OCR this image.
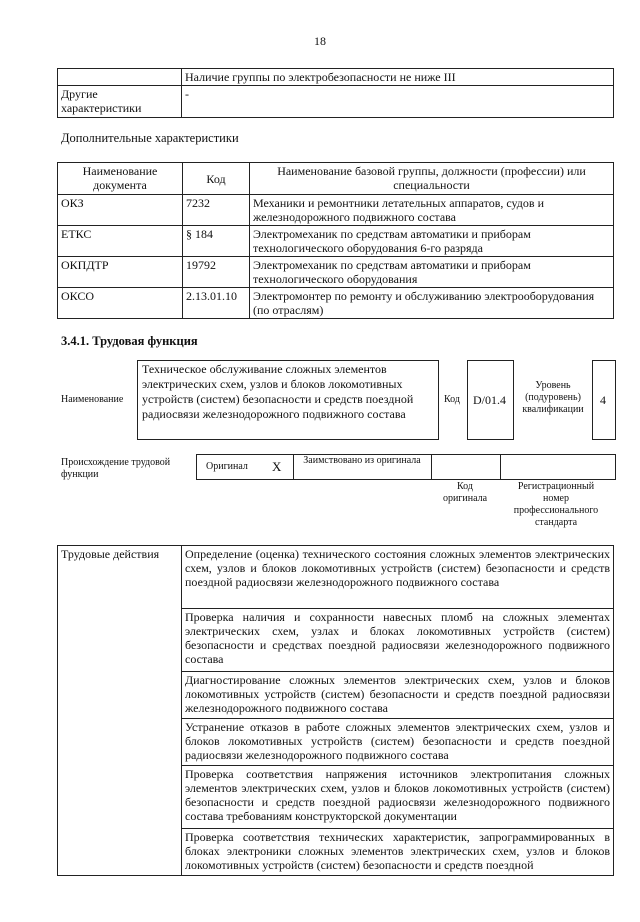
18
	Наличие группы по электробезопасности не ниже III
Другие характеристики	-
Дополнительные характеристики
Наименование документа	Код	Наименование базовой группы, должности (профессии) или специальности
ОКЗ	7232	Механики и ремонтники летательных аппаратов, судов и железнодорожного подвижного состава
ЕТКС	§ 184	Электромеханик по средствам автоматики и приборам технологического оборудования 6-го разряда
ОКПДТР	19792	Электромеханик по средствам автоматики и приборам технологического оборудования
ОКСО	2.13.01.10	Электромонтер по ремонту и обслуживанию электрооборудования (по отраслям)
3.4.1. Трудовая функция
Наименование
Техническое обслуживание сложных элементов электрических схем, узлов и блоков локомотивных устройств (систем) безопасности и средств поездной радиосвязи железнодорожного подвижного состава
Код	D/01.4
Уровень (подуровень) квалификации
4
Происхождение трудовой функции
Оригинал X	Заимствовано из оригинала
Код оригинала
Регистрационный номер профессионального стандарта
Трудовые действия	Определение (оценка) технического состояния сложных элементов электрических схем, узлов и блоков локомотивных устройств (систем) безопасности и средств поездной радиосвязи железнодорожного подвижного состава
Проверка наличия и сохранности навесных пломб на сложных элементах электрических схем, узлах и блоках локомотивных устройств (систем) безопасности и средствах поездной радиосвязи железнодорожного подвижного состава
Диагностирование сложных элементов электрических схем, узлов и блоков локомотивных устройств (систем) безопасности и средств поездной радиосвязи железнодорожного подвижного состава
Устранение отказов в работе сложных элементов электрических схем, узлов и блоков локомотивных устройств (систем) безопасности и средств поездной радиосвязи железнодорожного подвижного состава
Проверка соответствия напряжения источников электропитания сложных элементов электрических схем, узлов и блоков локомотивных устройств (систем) безопасности и средств поездной радиосвязи железнодорожного подвижного состава требованиям конструкторской документации
Проверка соответствия технических характеристик, запрограммированных в блоках электроники сложных элементов электрических схем, узлов и блоков локомотивных устройств (систем) безопасности и средств поездной
